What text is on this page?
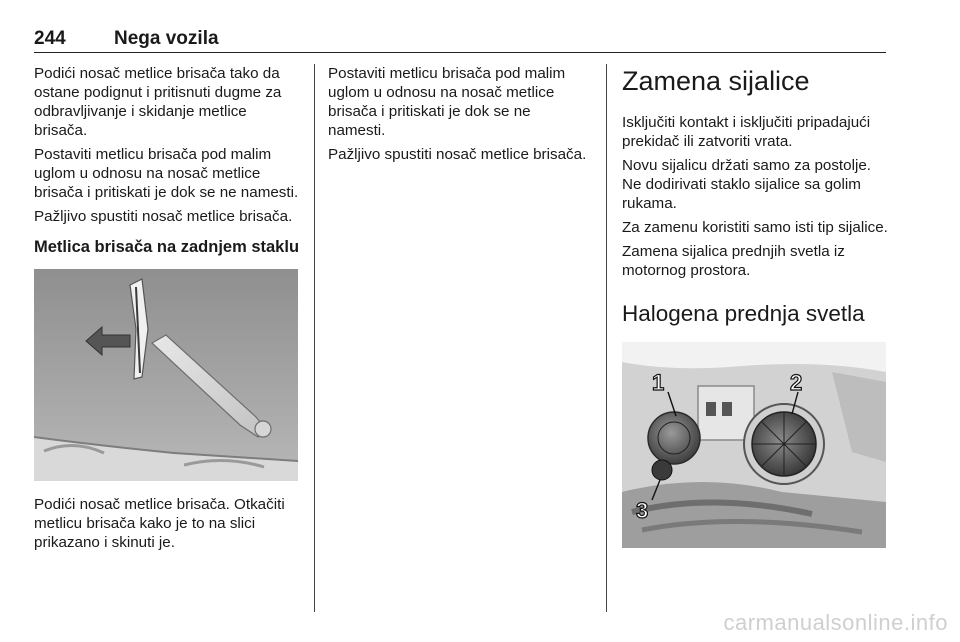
244	Nega vozila

Podići nosač metlice brisača tako da ostane podignut i pritisnuti dugme za odbravljivanje i skidanje metlice brisača.

Postaviti metlicu brisača pod malim uglom u odnosu na nosač metlice brisača i pritiskati je dok se ne namesti.

Pažljivo spustiti nosač metlice brisača.

Metlica brisača na zadnjem staklu

Podići nosač metlice brisača. Otkačiti metlicu brisača kako je to na slici prikazano i skinuti je.

Postaviti metlicu brisača pod malim uglom u odnosu na nosač metlice brisača i pritiskati je dok se ne namesti.

Pažljivo spustiti nosač metlice brisača.

Zamena sijalice

Isključiti kontakt i isključiti pripadajući prekidač ili zatvoriti vrata.

Novu sijalicu držati samo za postolje. Ne dodirivati staklo sijalice sa golim rukama.

Za zamenu koristiti samo isti tip sijalice.

Zamena sijalica prednjih svetla iz motornog prostora.

Halogena prednja svetla
1	2
3
carmanualsonline.info
